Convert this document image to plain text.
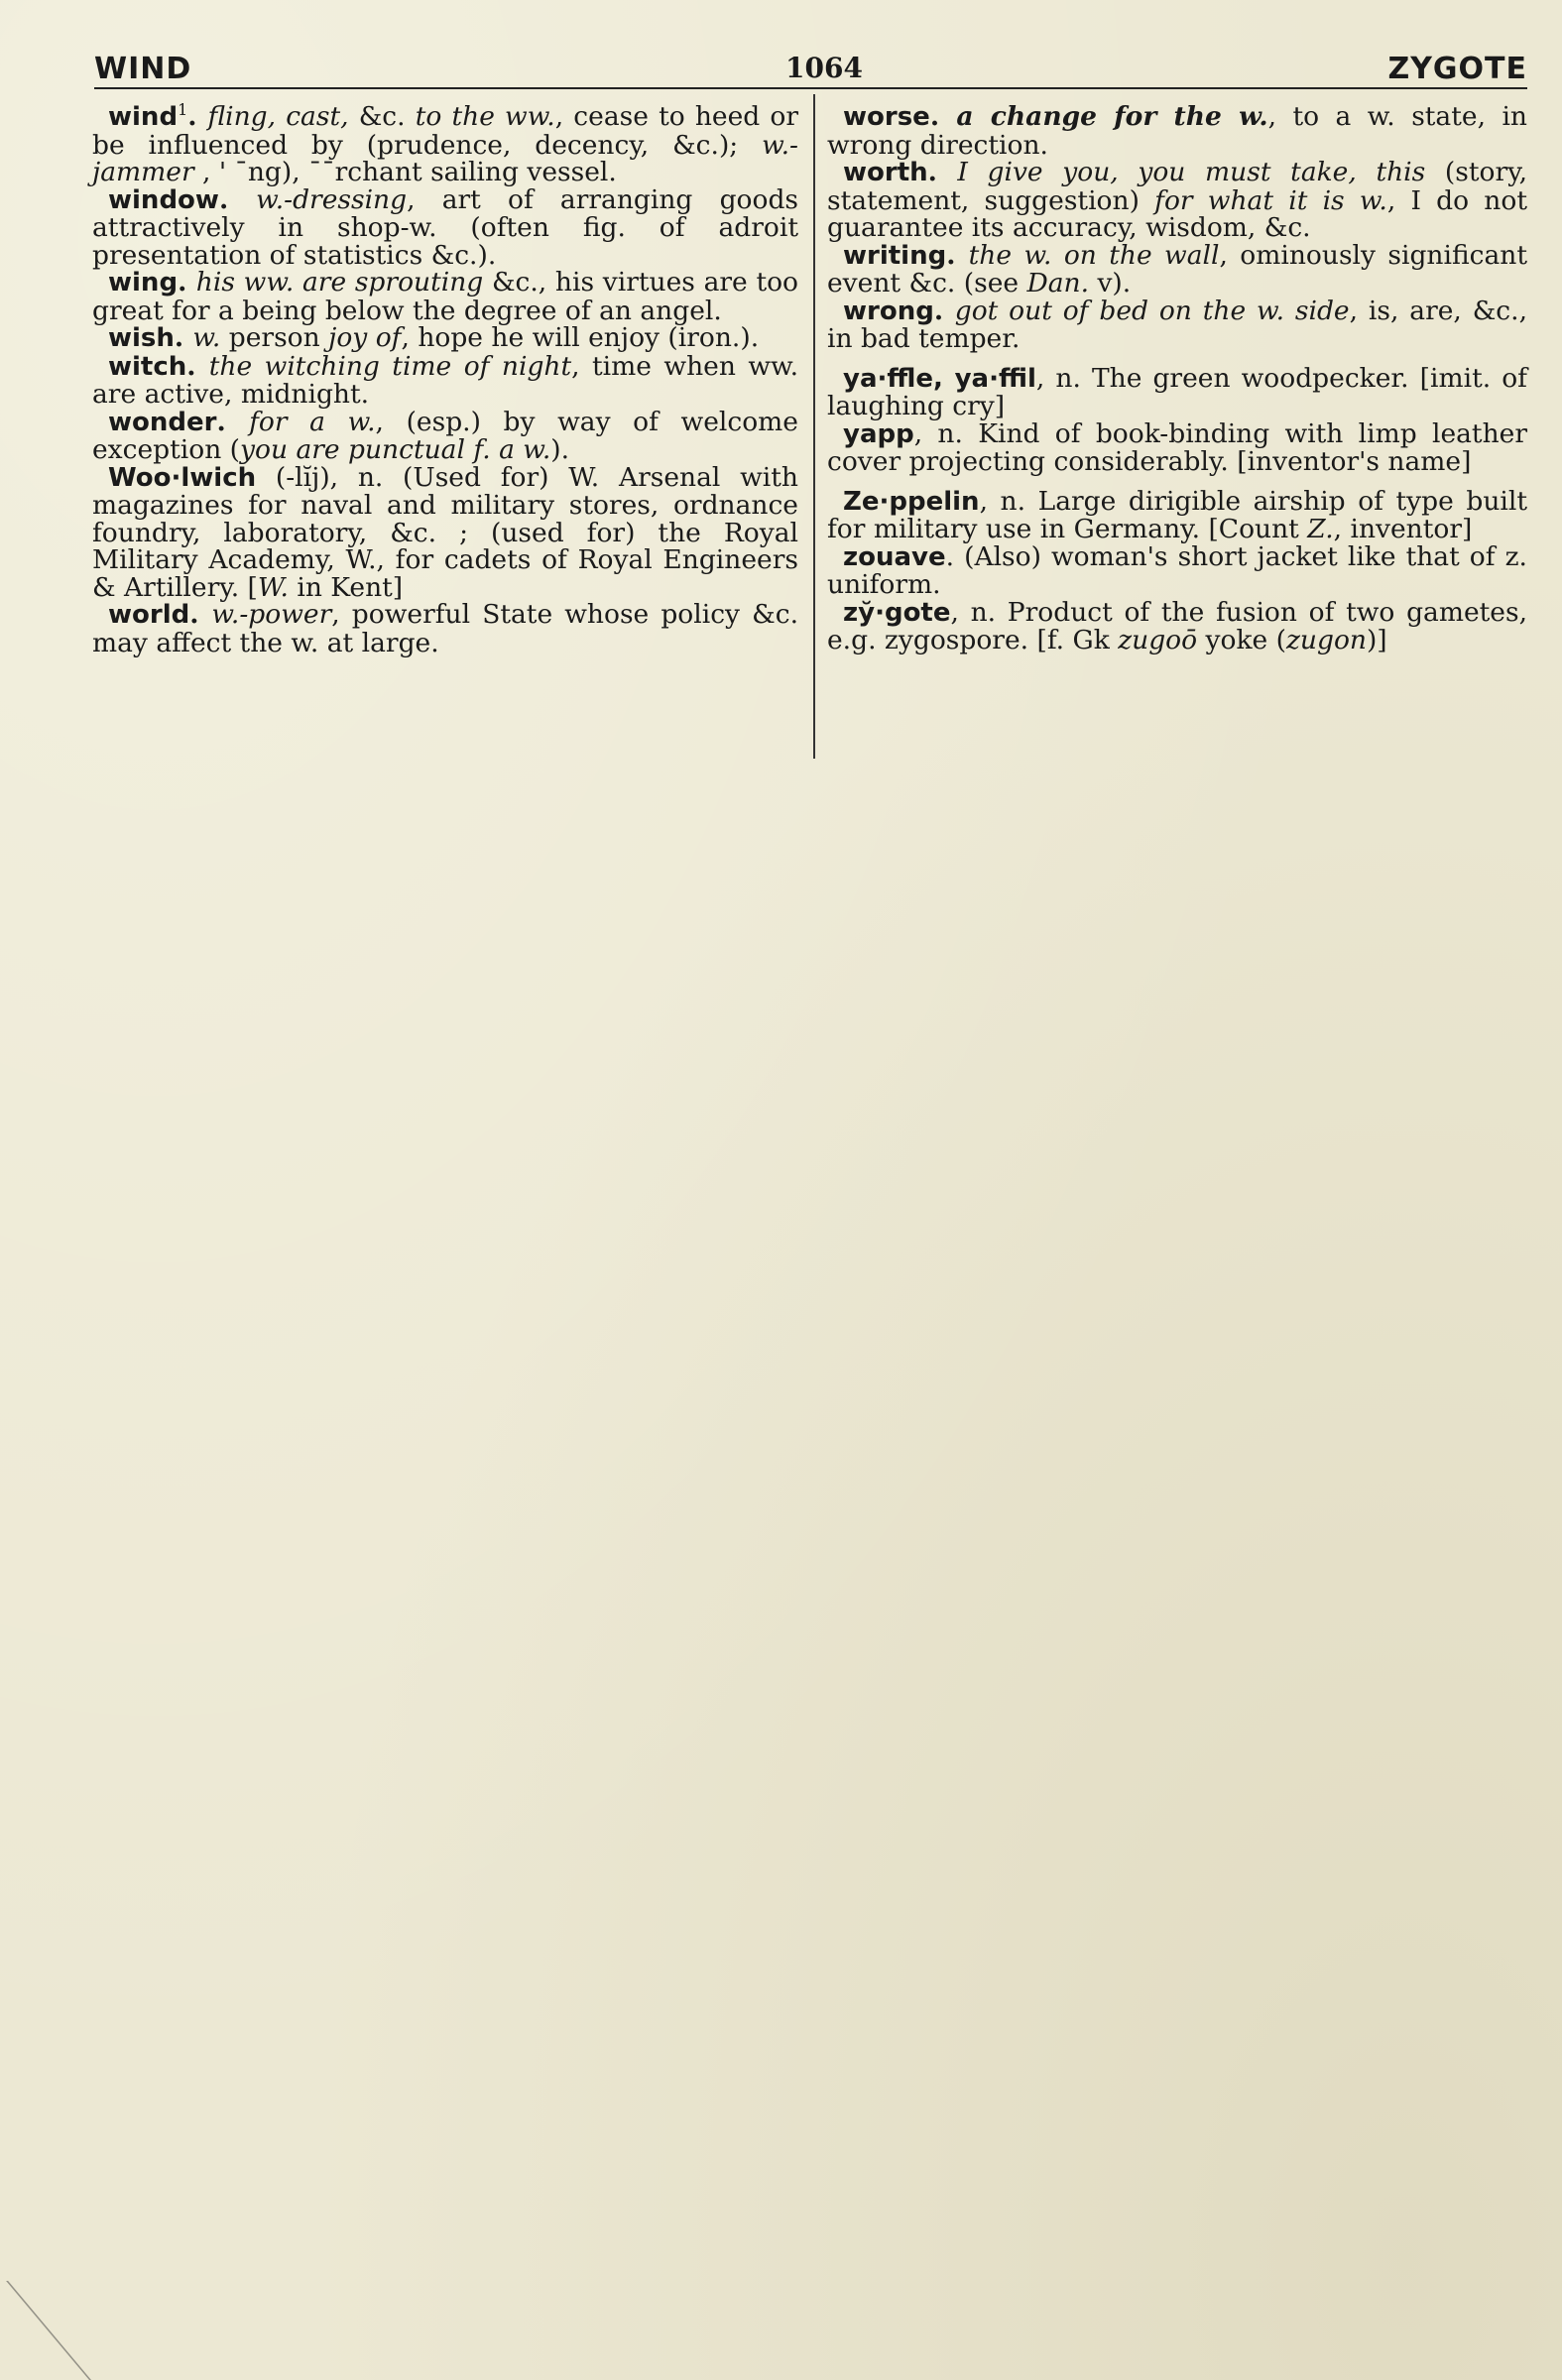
WIND	1064	ZYGOTE

wind$^1$. fling, cast, &c. to the ww., cease to heed or be influenced by (prudence, decency, &c.); w.-jammer , ' ¯ng), ¯¯rchant sailing vessel.

window. w.-dressing, art of arranging goods attractively in shop-w. (often fig. of adroit presentation of statistics &c.).

wing. his ww. are sprouting &c., his virtues are too great for a being below the degree of an angel.

wish. w. person joy of, hope he will enjoy (iron.).

witch. the witching time of night, time when ww. are active, midnight.

wonder. for a w., (esp.) by way of welcome exception (you are punctual f. a w.).

Woo·lwich (-lĭj), n. (Used for) W. Arsenal with magazines for naval and military stores, ordnance foundry, laboratory, &c. ; (used for) the Royal Military Academy, W., for cadets of Royal Engineers & Artillery. [W. in Kent]

world. w.-power, powerful State whose policy &c. may affect the w. at large.

worse. a change for the w., to a w. state, in wrong direction.

worth. I give you, you must take, this (story, statement, suggestion) for what it is w., I do not guarantee its accuracy, wisdom, &c.

writing. the w. on the wall, ominously significant event &c. (see Dan. v).

wrong. got out of bed on the w. side, is, are, &c., in bad temper.

ya·ffle, ya·ffil, n. The green woodpecker. [imit. of laughing cry]

yapp, n. Kind of book-binding with limp leather cover projecting considerably. [inventor's name]

Ze·ppelin, n. Large dirigible airship of type built for military use in Germany. [Count Z., inventor]

zouave. (Also) woman's short jacket like that of z. uniform.

zy̆·gote, n. Product of the fusion of two gametes, e.g. zygospore. [f. Gk zugoō yoke (zugon)]
